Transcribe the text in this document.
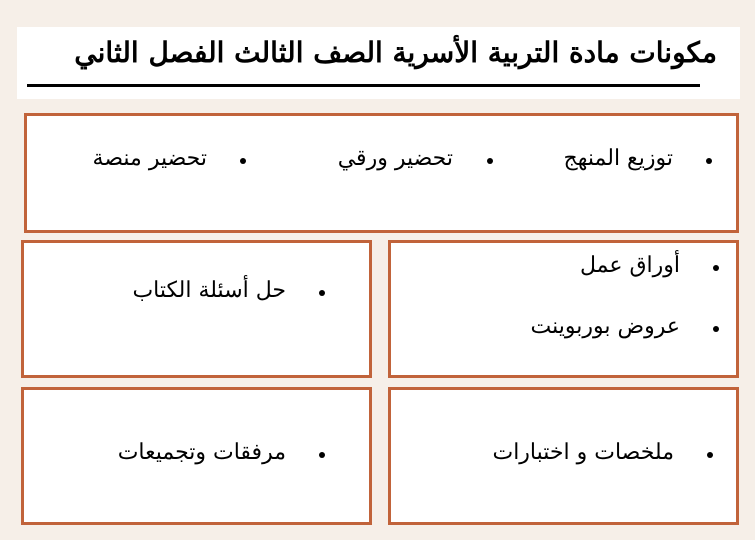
مكونات مادة التربية الأسرية الصف الثالث الفصل الثاني
توزيع المنهج
تحضير ورقي
تحضير منصة
أوراق عمل
عروض بوربوينت
حل أسئلة الكتاب
ملخصات و اختبارات
مرفقات وتجميعات
